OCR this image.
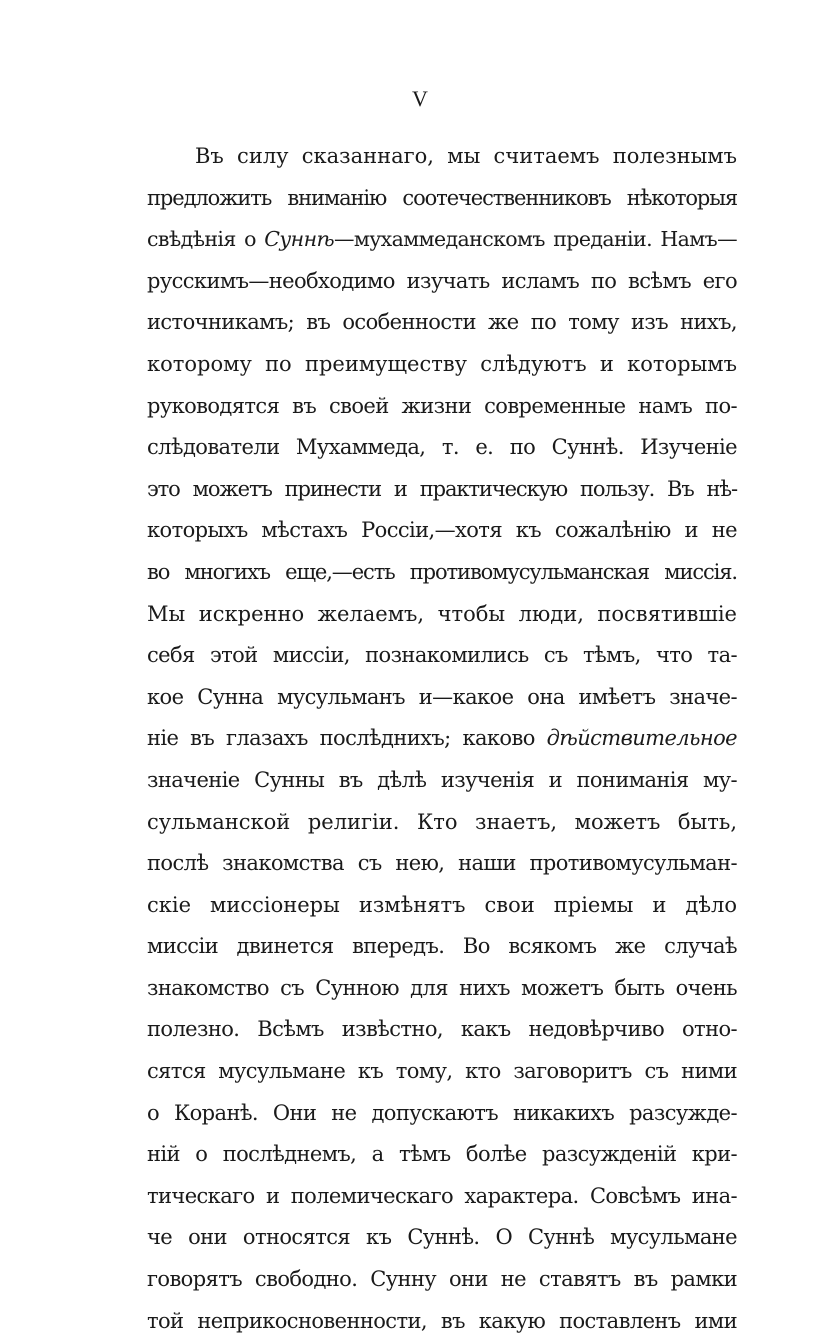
V
Въ силу сказаннаго, мы считаемъ полезнымъ
предложить вниманію соотечественниковъ нѣкоторыя
свѣдѣнія о Суннѣ—мухаммеданскомъ преданіи. Намъ—
русскимъ—необходимо изучать исламъ по всѣмъ его
источникамъ; въ особенности же по тому изъ нихъ,
которому по преимуществу слѣдуютъ и которымъ
руководятся въ своей жизни современные намъ по-
слѣдователи Мухаммеда, т. е. по Суннѣ. Изученіе
это можетъ принести и практическую пользу. Въ нѣ-
которыхъ мѣстахъ Россіи,—хотя къ сожалѣнію и не
во многихъ еще,—есть противомусульманская миссія.
Мы искренно желаемъ, чтобы люди, посвятившіе
себя этой миссіи, познакомились съ тѣмъ, что та-
кое Сунна мусульманъ и—какое она имѣетъ значе-
ніе въ глазахъ послѣднихъ; каково дѣйствительное
значеніе Сунны въ дѣлѣ изученія и пониманія му-
сульманской религіи. Кто знаетъ, можетъ быть,
послѣ знакомства съ нею, наши противомусульман-
скіе миссіонеры измѣнятъ свои пріемы и дѣло
миссіи двинется впередъ. Во всякомъ же случаѣ
знакомство съ Сунною для нихъ можетъ быть очень
полезно. Всѣмъ извѣстно, какъ недовѣрчиво отно-
сятся мусульмане къ тому, кто заговоритъ съ ними
о Коранѣ. Они не допускаютъ никакихъ разсужде-
ній о послѣднемъ, а тѣмъ болѣе разсужденій кри-
тическаго и полемическаго характера. Совсѣмъ ина-
че они относятся къ Суннѣ. О Суннѣ мусульмане
говорятъ свободно. Сунну они не ставятъ въ рамки
той неприкосновенности, въ какую поставленъ ими
